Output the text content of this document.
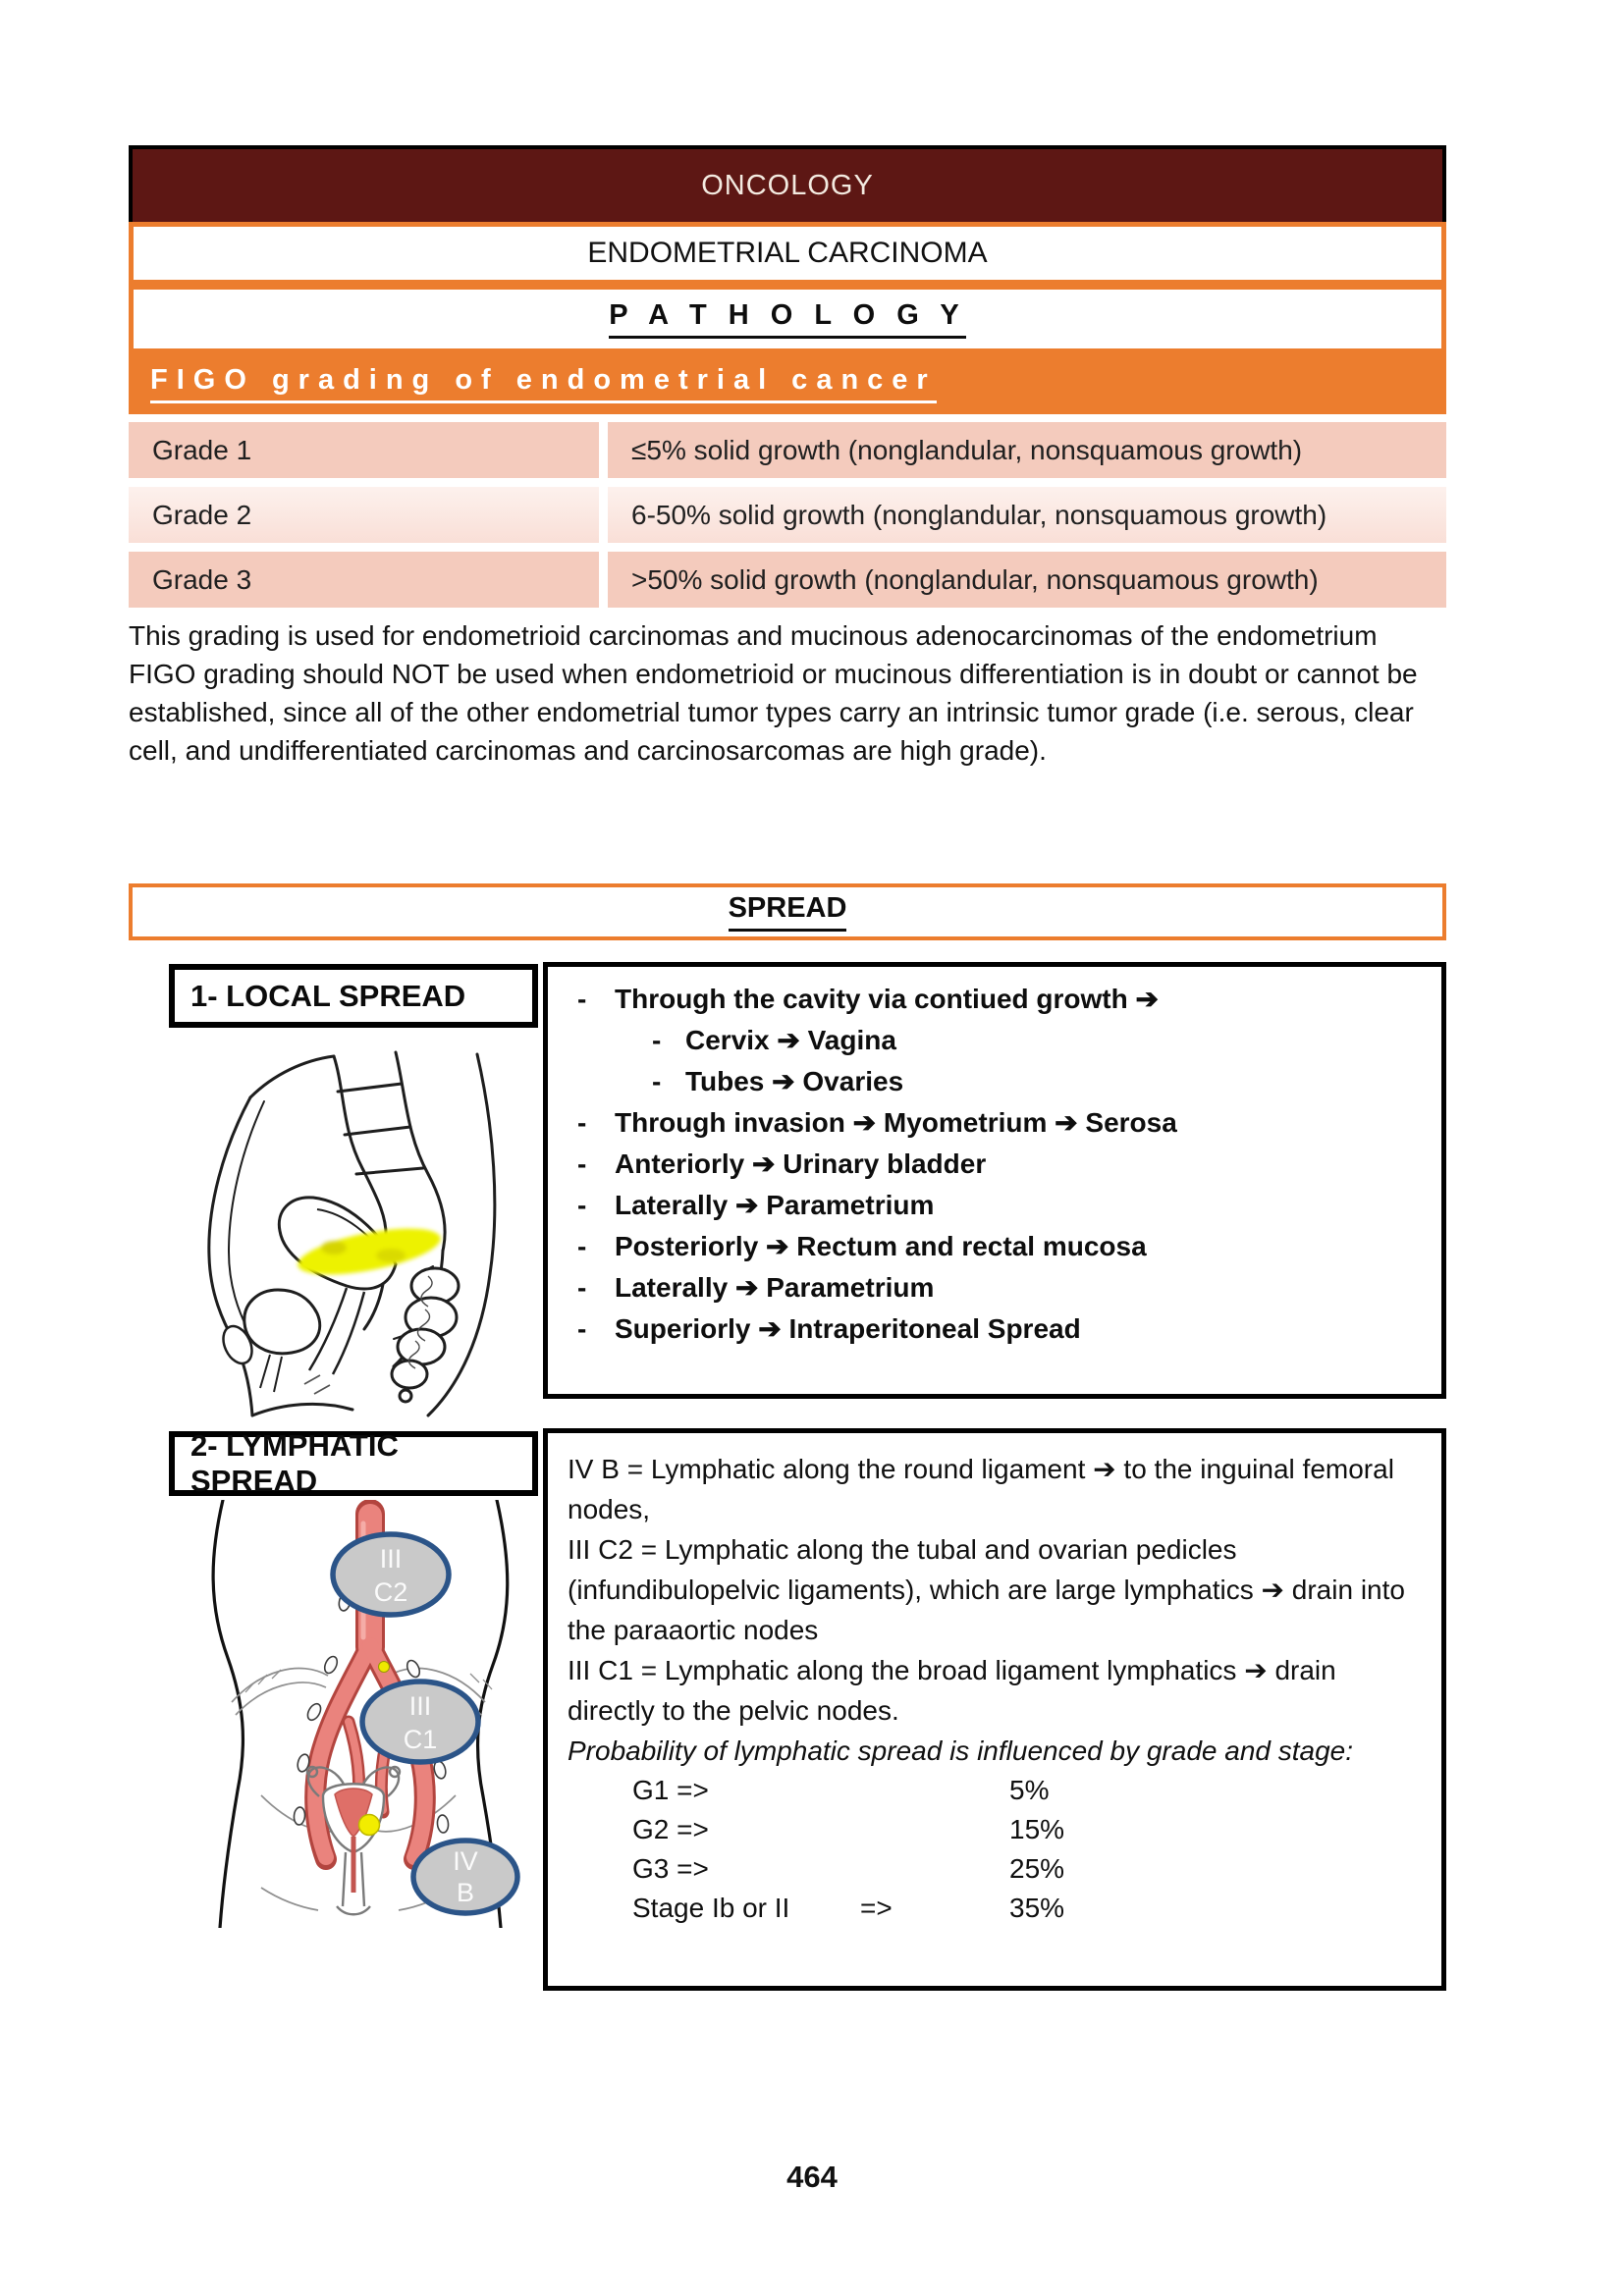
ONCOLOGY
ENDOMETRIAL CARCINOMA
P A T H O L O G Y
FIGO grading of endometrial cancer
Grade 1	≤5% solid growth (nonglandular, nonsquamous growth)
Grade 2	6-50% solid growth (nonglandular, nonsquamous growth)
Grade 3	>50% solid growth (nonglandular, nonsquamous growth)

This grading is used for endometrioid carcinomas and mucinous adenocarcinomas of the endometrium

FIGO grading should NOT be used when endometrioid or mucinous differentiation is in doubt or cannot be established, since all of the other endometrial tumor types carry an intrinsic tumor grade (i.e. serous, clear cell, and undifferentiated carcinomas and carcinosarcomas are high grade).

SPREAD
-	Through the cavity via contiued growth ➔
- Cervix ➔ Vagina
- Tubes ➔ Ovaries
-	Through invasion ➔ Myometrium ➔ Serosa
-	Anteriorly ➔ Urinary bladder
-	Laterally ➔ Parametrium
-	Posteriorly ➔ Rectum and rectal mucosa
-	Laterally ➔ Parametrium
-	Superiorly ➔ Intraperitoneal Spread
1- LOCAL SPREAD

IV B = Lymphatic along the round ligament ➔ to the inguinal femoral nodes,

III C2 = Lymphatic along the tubal and ovarian pedicles (infundibulopelvic ligaments), which are large lymphatics ➔ drain into the paraaortic nodes

III C1 = Lymphatic along the broad ligament lymphatics ➔ drain directly to the pelvic nodes.

Probability of lymphatic spread is influenced by grade and stage:

G1 =>	5%
G2 =>	15%
G3 =>	25%
Stage Ib or II	=>	35%
2- LYMPHATIC SPREAD
III
C2
III
C1
IV
B
464
